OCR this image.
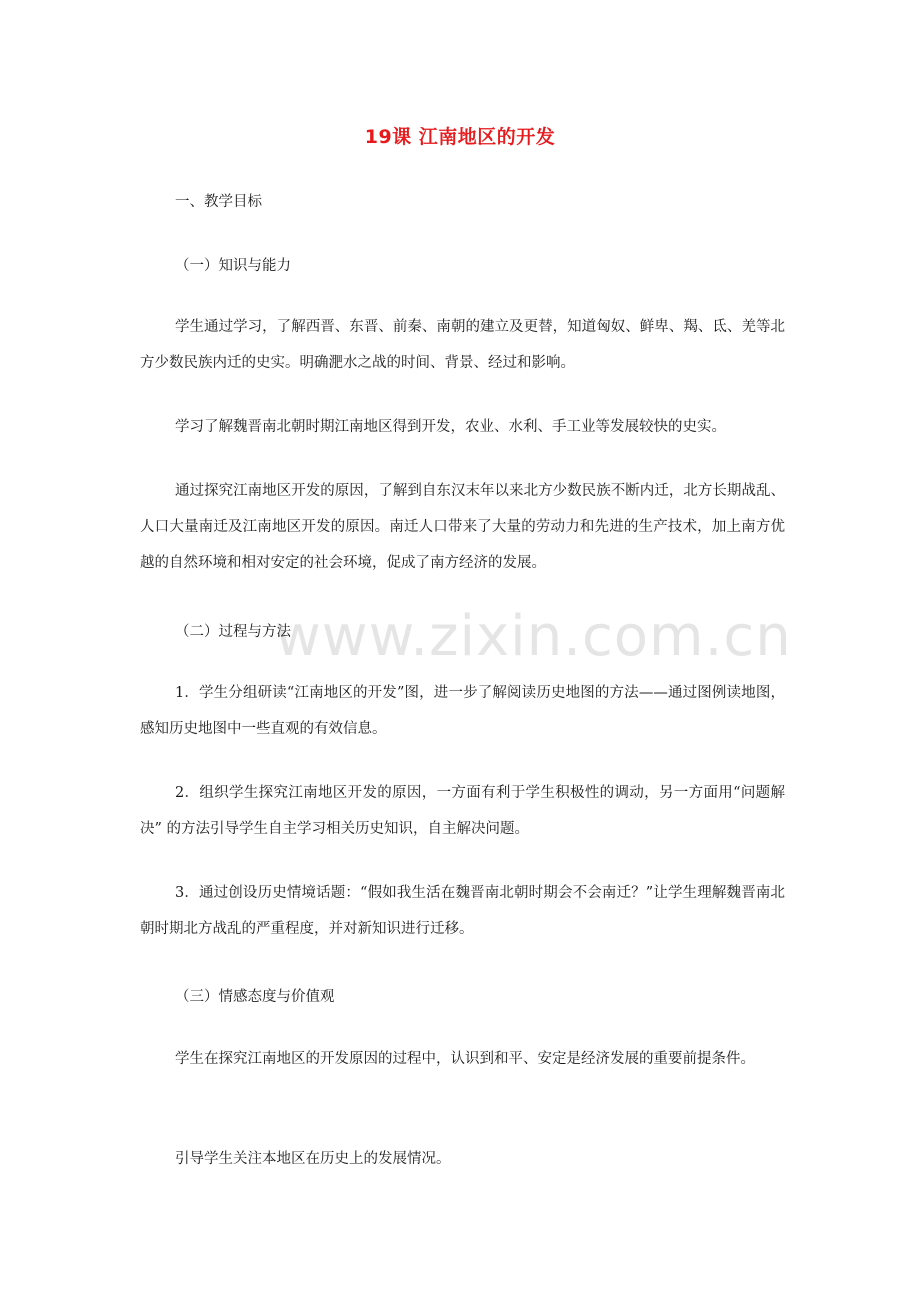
www.zixin.com.cn
19课 江南地区的开发
一、教学目标
（一）知识与能力
学生通过学习，了解西晋、东晋、前秦、南朝的建立及更替，知道匈奴、鲜卑、羯、氐、羌等北方少数民族内迁的史实。明确淝水之战的时间、背景、经过和影响。
学习了解魏晋南北朝时期江南地区得到开发，农业、水利、手工业等发展较快的史实。
通过探究江南地区开发的原因，了解到自东汉末年以来北方少数民族不断内迁，北方长期战乱、人口大量南迁及江南地区开发的原因。南迁人口带来了大量的劳动力和先进的生产技术，加上南方优越的自然环境和相对安定的社会环境，促成了南方经济的发展。
（二）过程与方法
1．学生分组研读“江南地区的开发”图，进一步了解阅读历史地图的方法——通过图例读地图，感知历史地图中一些直观的有效信息。
2．组织学生探究江南地区开发的原因，一方面有利于学生积极性的调动，另一方面用“问题解决” 的方法引导学生自主学习相关历史知识，自主解决问题。
3．通过创设历史情境话题：“假如我生活在魏晋南北朝时期会不会南迁？”让学生理解魏晋南北朝时期北方战乱的严重程度，并对新知识进行迁移。
（三）情感态度与价值观
学生在探究江南地区的开发原因的过程中，认识到和平、安定是经济发展的重要前提条件。
引导学生关注本地区在历史上的发展情况。
